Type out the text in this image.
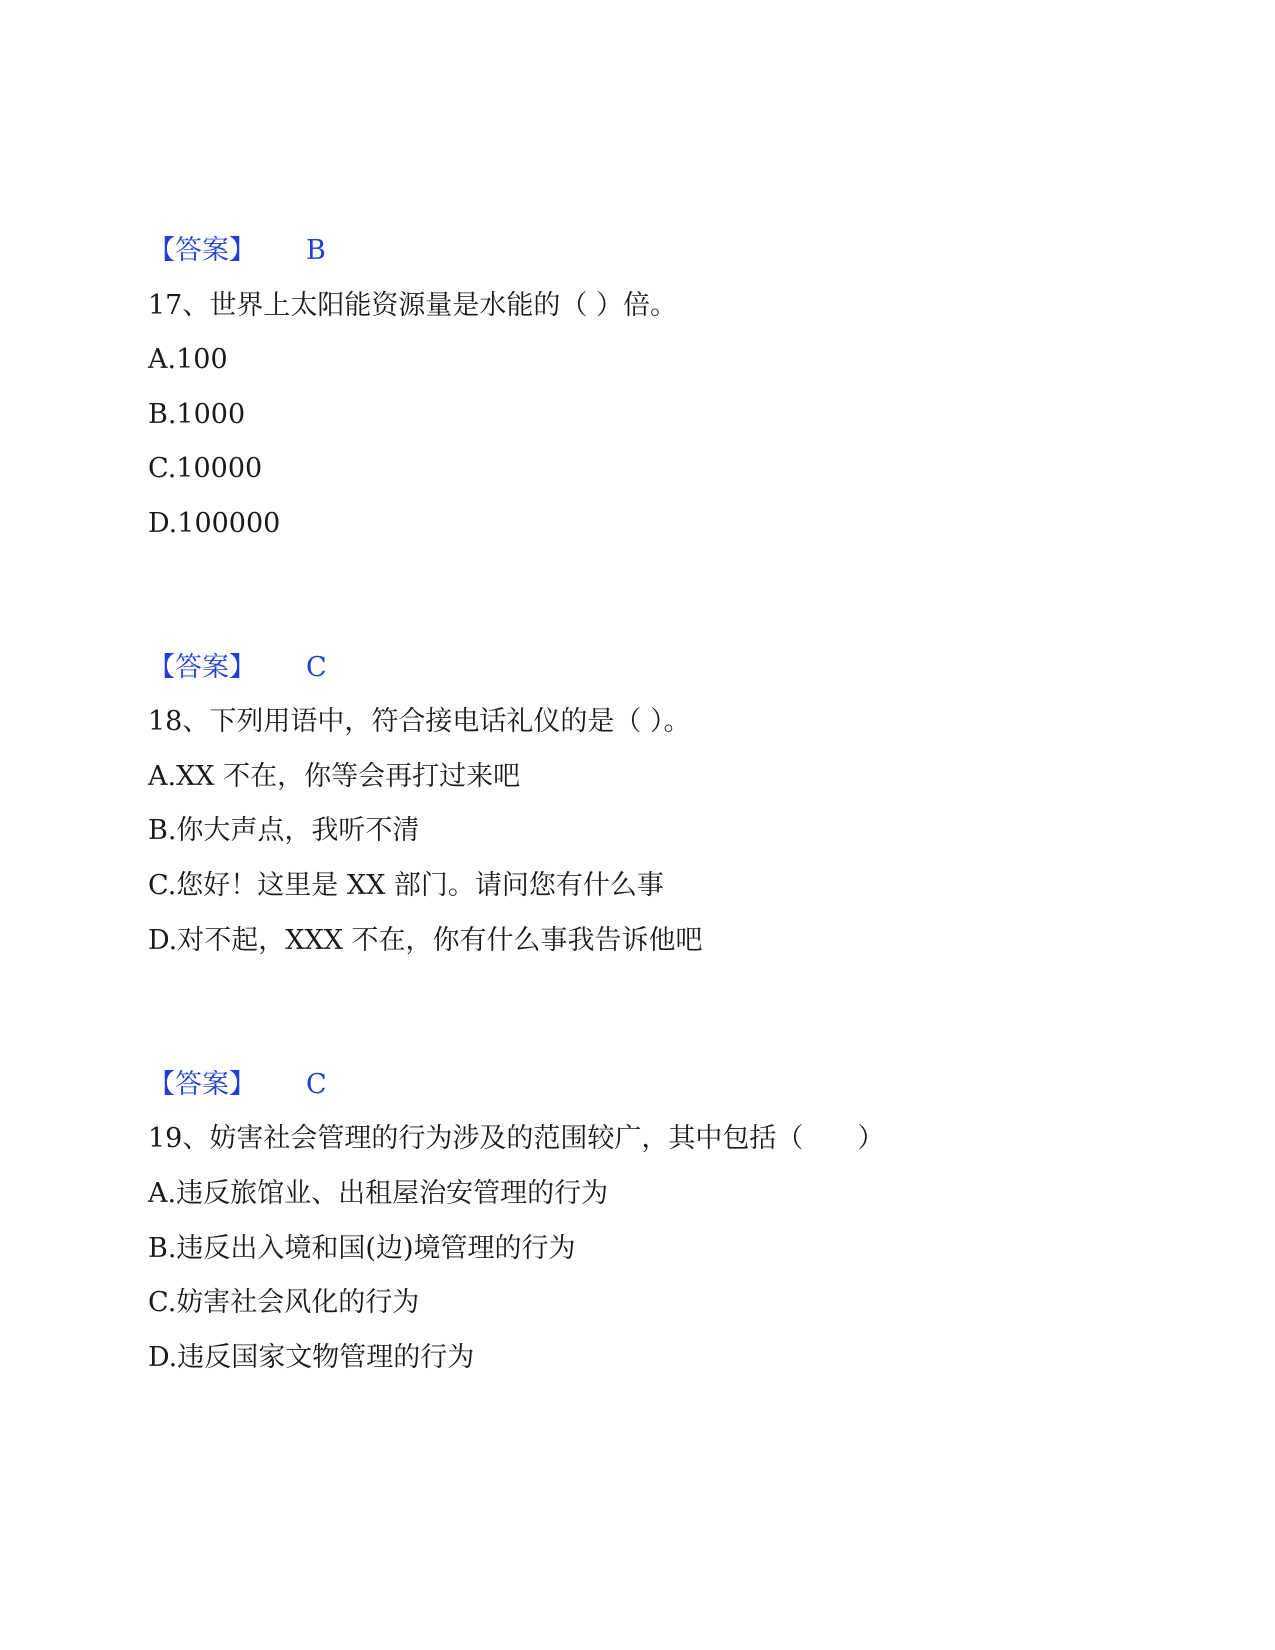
【答案】 B
17、世界上太阳能资源量是水能的（ ）倍。
A.100
B.1000
C.10000
D.100000
【答案】 C
18、下列用语中，符合接电话礼仪的是（ ）。
A.XX 不在，你等会再打过来吧
B.你大声点，我听不清
C.您好！这里是 XX 部门。请问您有什么事
D.对不起，XXX 不在，你有什么事我告诉他吧
【答案】 C
19、妨害社会管理的行为涉及的范围较广，其中包括（　　）
A.违反旅馆业、出租屋治安管理的行为
B.违反出入境和国(边)境管理的行为
C.妨害社会风化的行为
D.违反国家文物管理的行为
